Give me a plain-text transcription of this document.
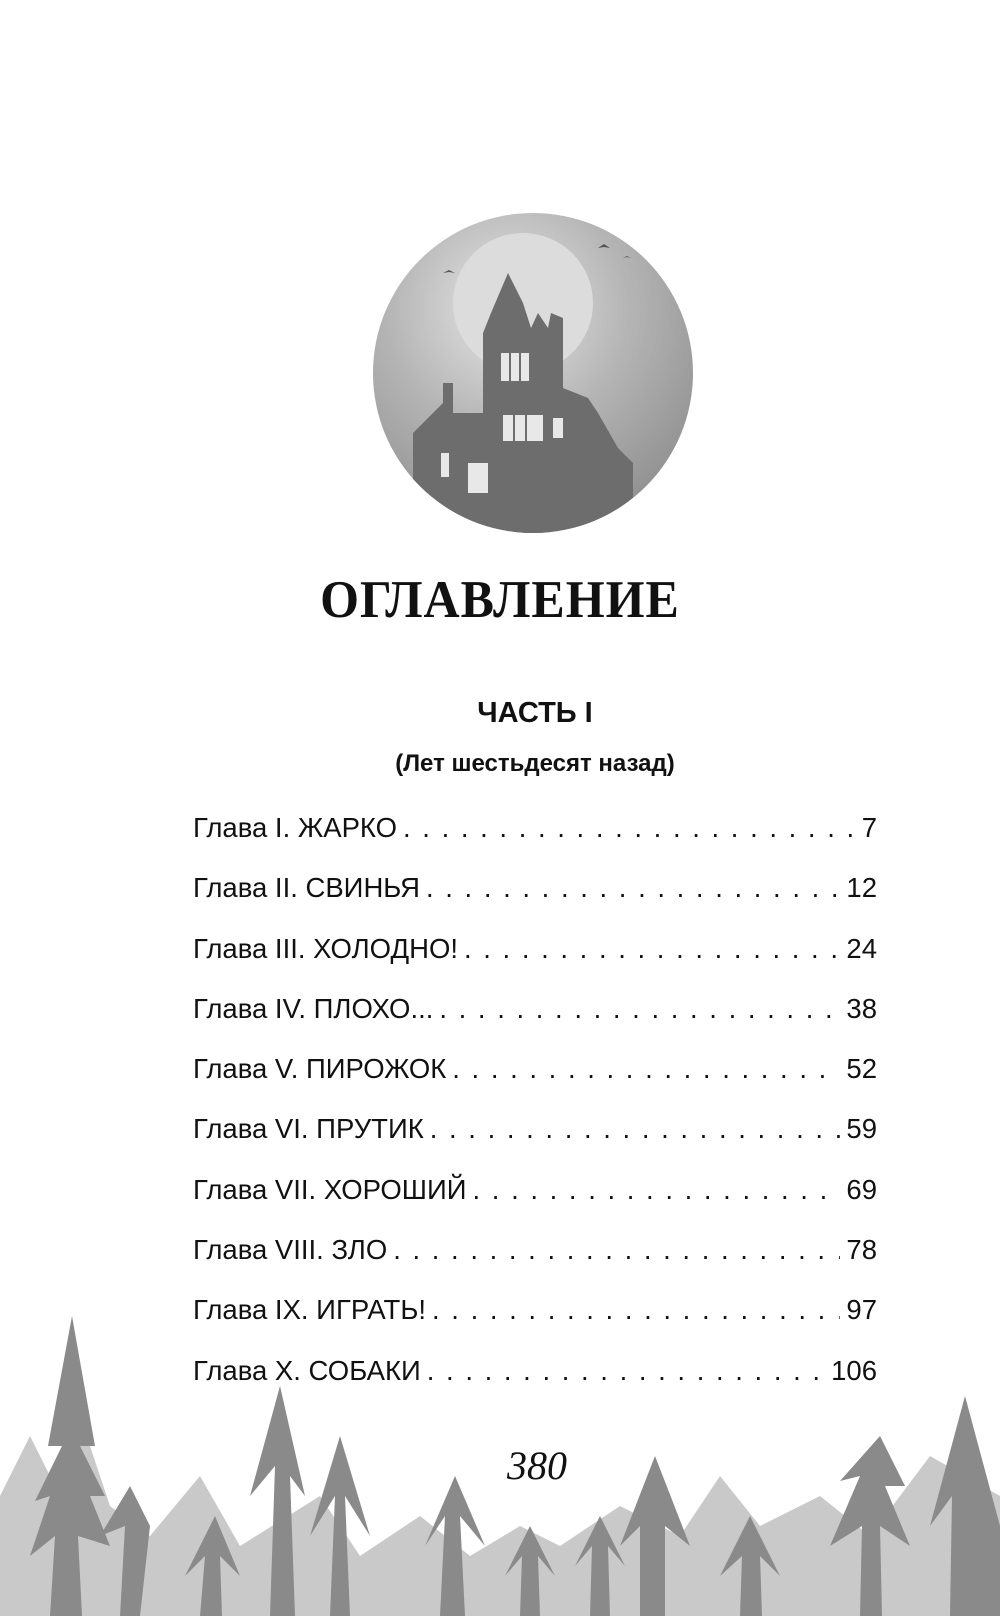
ОГЛАВЛЕНИЕ
ЧАСТЬ I
(Лет шестьдесят назад)
Глава I. ЖАРКО . . .	7
Глава II. СВИНЬЯ . . .	12
Глава III. ХОЛОДНО! . . .	24
Глава IV. ПЛОХО... . . .	38
Глава V. ПИРОЖОК . . .	52
Глава VI. ПРУТИК . . .	59
Глава VII. ХОРОШИЙ . . .	69
Глава VIII. ЗЛО . . .	78
Глава IX. ИГРАТЬ! . . .	97
Глава X. СОБАКИ . . .	106
380
